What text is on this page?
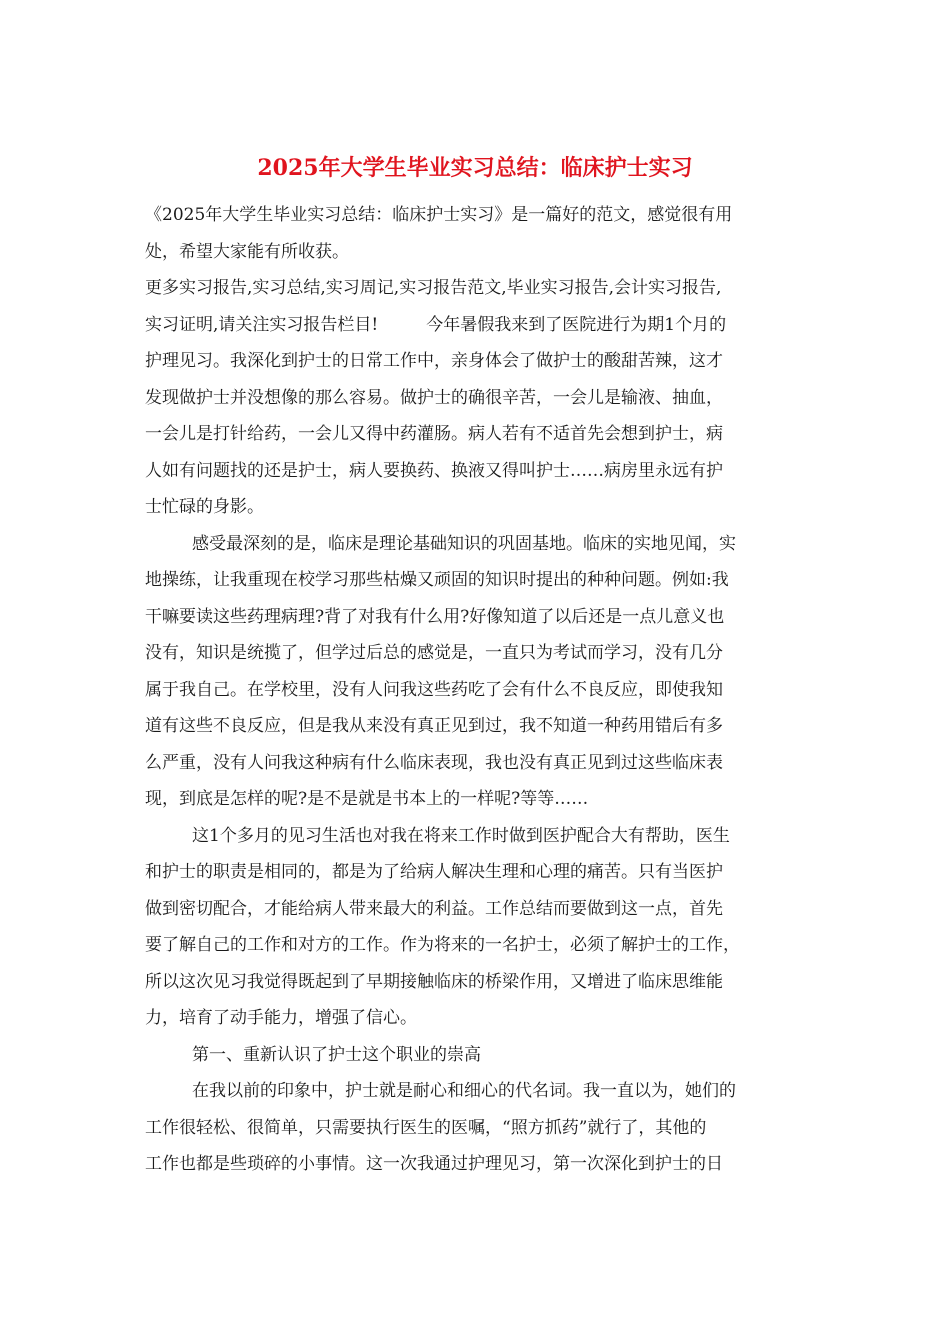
2025年大学生毕业实习总结：临床护士实习
《2025年大学生毕业实习总结：临床护士实习》是一篇好的范文，感觉很有用
处，希望大家能有所收获。
更多实习报告,实习总结,实习周记,实习报告范文,毕业实习报告,会计实习报告,
实习证明,请关注实习报告栏目!	今年暑假我来到了医院进行为期1个月的
护理见习。我深化到护士的日常工作中，亲身体会了做护士的酸甜苦辣，这才
发现做护士并没想像的那么容易。做护士的确很辛苦，一会儿是输液、抽血，
一会儿是打针给药，一会儿又得中药灌肠。病人若有不适首先会想到护士，病
人如有问题找的还是护士，病人要换药、换液又得叫护士……病房里永远有护
士忙碌的身影。
感受最深刻的是，临床是理论基础知识的巩固基地。临床的实地见闻，实
地操练，让我重现在校学习那些枯燥又顽固的知识时提出的种种问题。例如:我
干嘛要读这些药理病理?背了对我有什么用?好像知道了以后还是一点儿意义也
没有，知识是统揽了，但学过后总的感觉是，一直只为考试而学习，没有几分
属于我自己。在学校里，没有人问我这些药吃了会有什么不良反应，即使我知
道有这些不良反应，但是我从来没有真正见到过，我不知道一种药用错后有多
么严重，没有人问我这种病有什么临床表现，我也没有真正见到过这些临床表
现，到底是怎样的呢?是不是就是书本上的一样呢?等等……
这1个多月的见习生活也对我在将来工作时做到医护配合大有帮助，医生
和护士的职责是相同的，都是为了给病人解决生理和心理的痛苦。只有当医护
做到密切配合，才能给病人带来最大的利益。工作总结而要做到这一点，首先
要了解自己的工作和对方的工作。作为将来的一名护士，必须了解护士的工作，
所以这次见习我觉得既起到了早期接触临床的桥梁作用，又增进了临床思维能
力，培育了动手能力，增强了信心。
第一、重新认识了护士这个职业的崇高
在我以前的印象中，护士就是耐心和细心的代名词。我一直以为，她们的
工作很轻松、很简单，只需要执行医生的医嘱，“照方抓药”就行了，其他的
工作也都是些琐碎的小事情。这一次我通过护理见习，第一次深化到护士的日
